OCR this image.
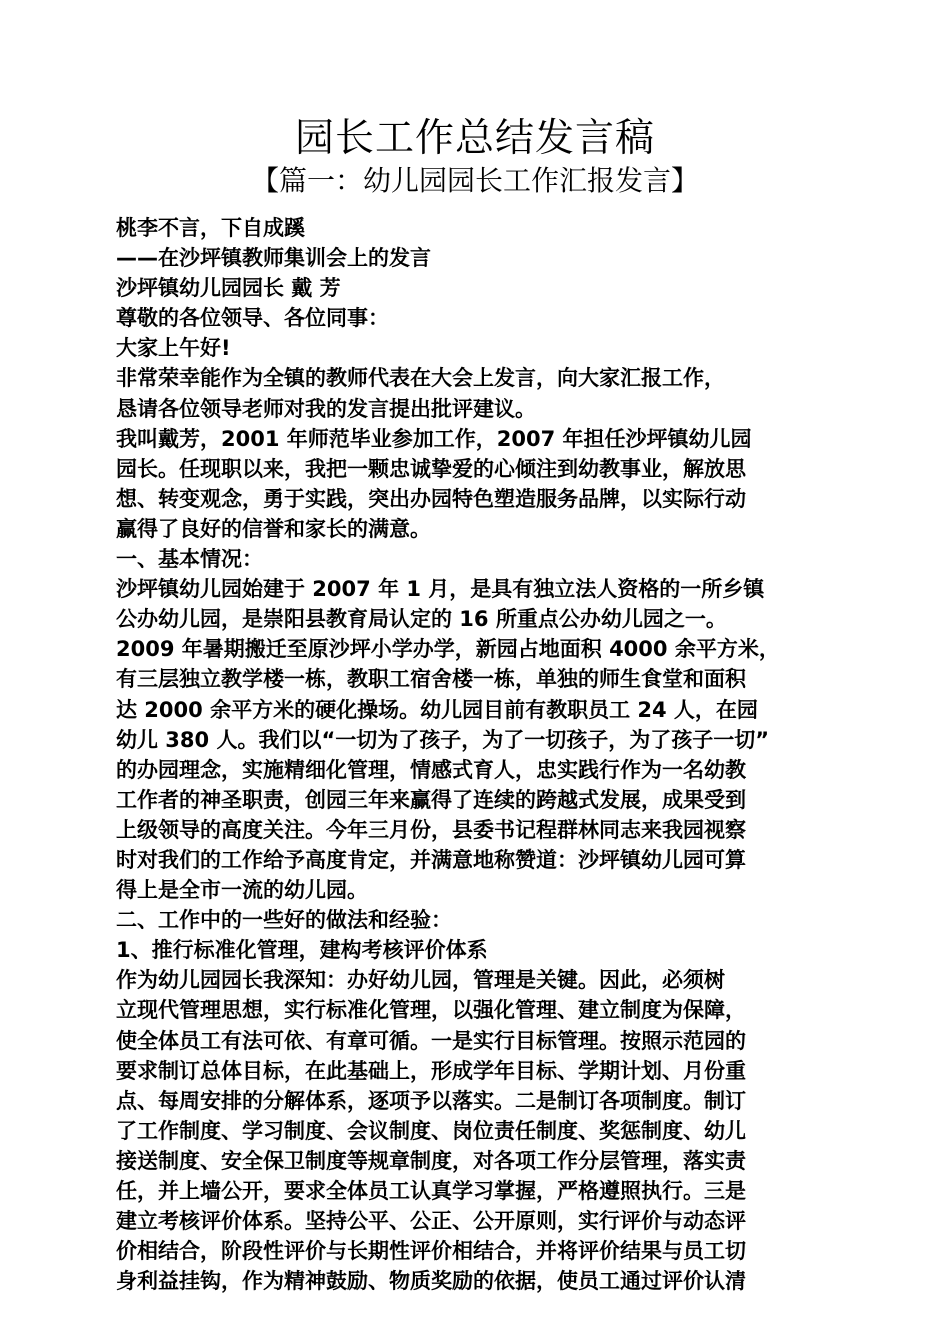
园长工作总结发言稿
【篇一：幼儿园园长工作汇报发言】
桃李不言，下自成蹊
——在沙坪镇教师集训会上的发言
沙坪镇幼儿园园长 戴 芳
尊敬的各位领导、各位同事：
大家上午好!
非常荣幸能作为全镇的教师代表在大会上发言，向大家汇报工作，
恳请各位领导老师对我的发言提出批评建议。
我叫戴芳，2001 年师范毕业参加工作，2007 年担任沙坪镇幼儿园
园长。任现职以来，我把一颗忠诚挚爱的心倾注到幼教事业，解放思
想、转变观念，勇于实践，突出办园特色塑造服务品牌，以实际行动
赢得了良好的信誉和家长的满意。
一、基本情况：
沙坪镇幼儿园始建于 2007 年 1 月，是具有独立法人资格的一所乡镇
公办幼儿园，是崇阳县教育局认定的 16 所重点公办幼儿园之一。
2009 年暑期搬迁至原沙坪小学办学，新园占地面积 4000 余平方米，
有三层独立教学楼一栋，教职工宿舍楼一栋，单独的师生食堂和面积
达 2000 余平方米的硬化操场。幼儿园目前有教职员工 24 人，在园
幼儿 380 人。我们以“一切为了孩子，为了一切孩子，为了孩子一切”
的办园理念，实施精细化管理，情感式育人，忠实践行作为一名幼教
工作者的神圣职责，创园三年来赢得了连续的跨越式发展，成果受到
上级领导的高度关注。今年三月份，县委书记程群林同志来我园视察
时对我们的工作给予高度肯定，并满意地称赞道：沙坪镇幼儿园可算
得上是全市一流的幼儿园。
二、工作中的一些好的做法和经验：
1、推行标准化管理，建构考核评价体系
作为幼儿园园长我深知：办好幼儿园，管理是关键。因此，必须树
立现代管理思想，实行标准化管理，以强化管理、建立制度为保障，
使全体员工有法可依、有章可循。一是实行目标管理。按照示范园的
要求制订总体目标，在此基础上，形成学年目标、学期计划、月份重
点、每周安排的分解体系，逐项予以落实。二是制订各项制度。制订
了工作制度、学习制度、会议制度、岗位责任制度、奖惩制度、幼儿
接送制度、安全保卫制度等规章制度，对各项工作分层管理，落实责
任，并上墙公开，要求全体员工认真学习掌握，严格遵照执行。三是
建立考核评价体系。坚持公平、公正、公开原则，实行评价与动态评
价相结合，阶段性评价与长期性评价相结合，并将评价结果与员工切
身利益挂钩，作为精神鼓励、物质奖励的依据，使员工通过评价认清
